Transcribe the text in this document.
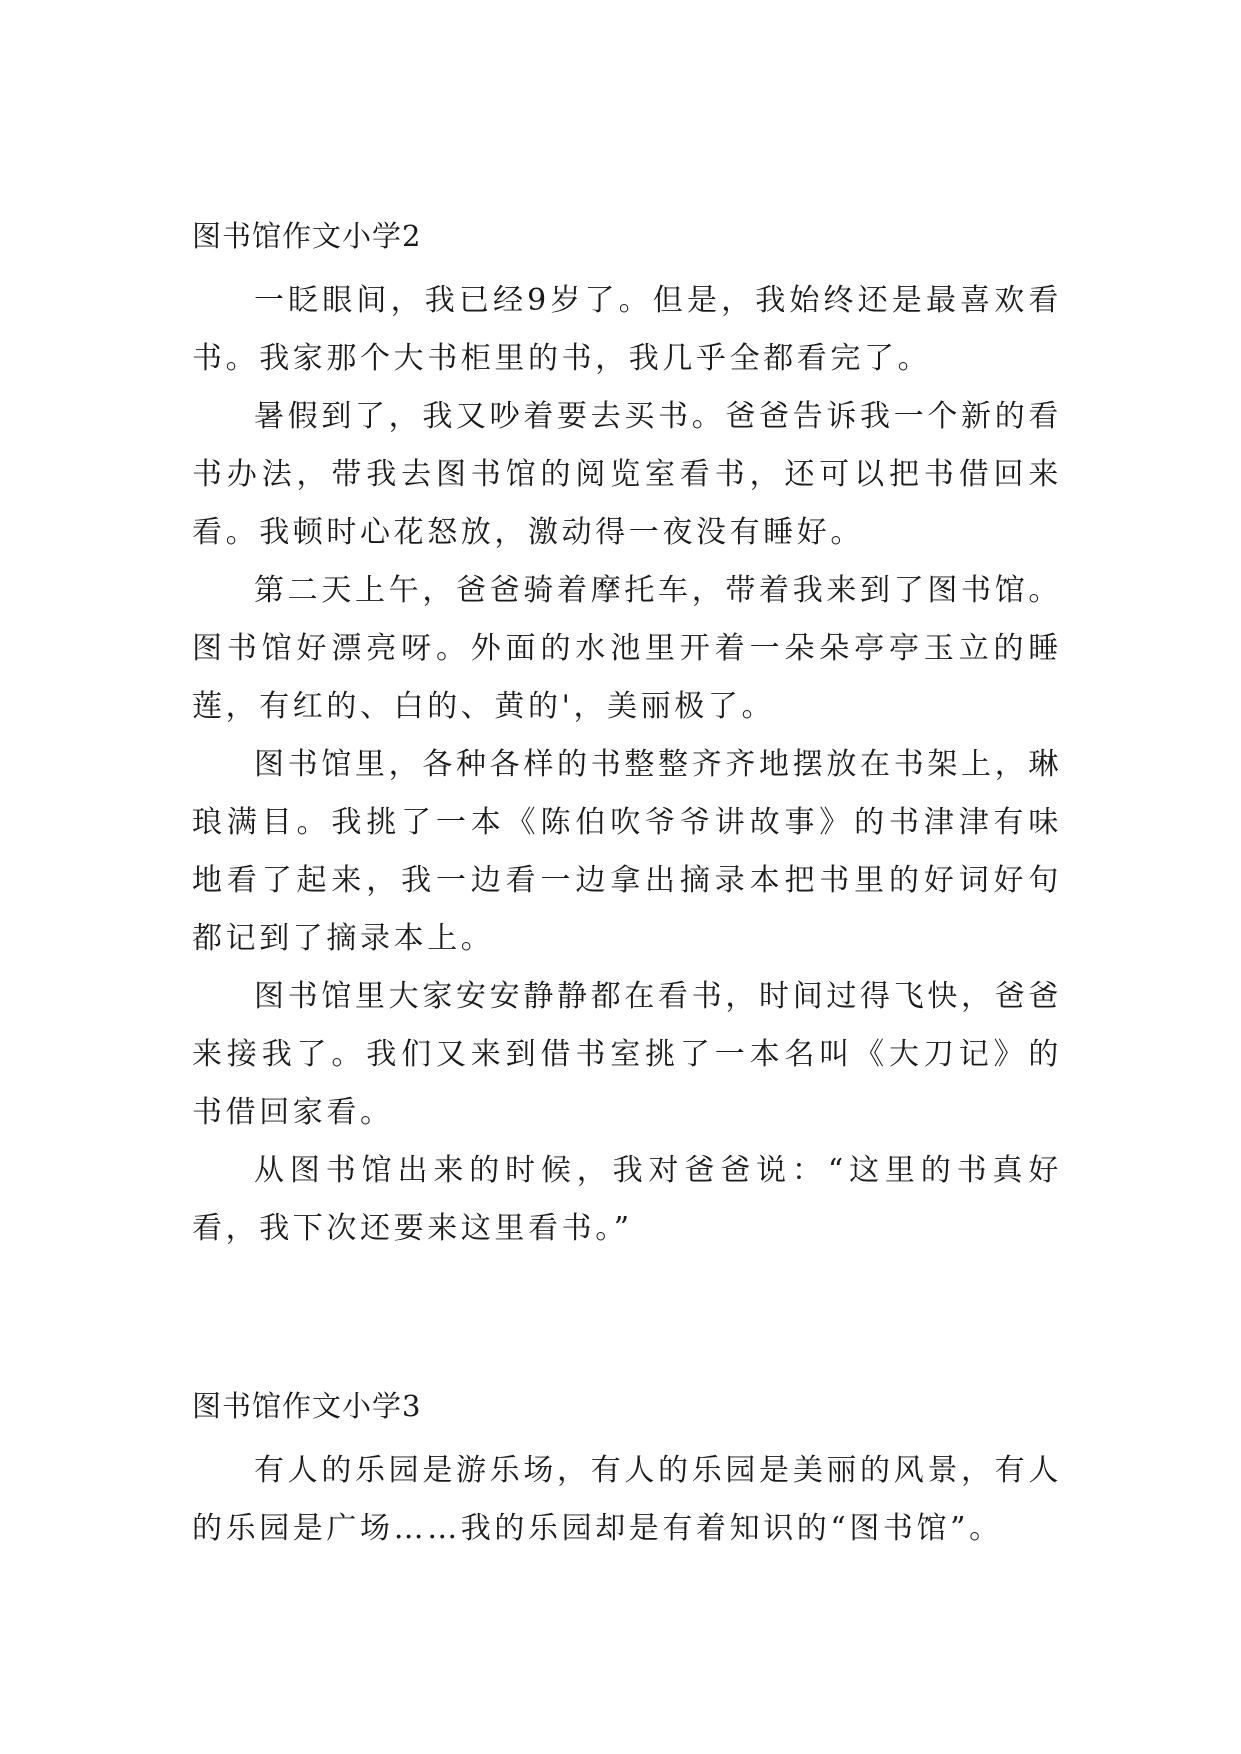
图书馆作文小学2

一眨眼间，我已经9岁了。但是，我始终还是最喜欢看书。我家那个大书柜里的书，我几乎全都看完了。

暑假到了，我又吵着要去买书。爸爸告诉我一个新的看书办法，带我去图书馆的阅览室看书，还可以把书借回来看。我顿时心花怒放，激动得一夜没有睡好。

第二天上午，爸爸骑着摩托车，带着我来到了图书馆。图书馆好漂亮呀。外面的水池里开着一朵朵亭亭玉立的睡莲，有红的、白的、黄的'，美丽极了。

图书馆里，各种各样的书整整齐齐地摆放在书架上，琳琅满目。我挑了一本《陈伯吹爷爷讲故事》的书津津有味地看了起来，我一边看一边拿出摘录本把书里的好词好句都记到了摘录本上。

图书馆里大家安安静静都在看书，时间过得飞快，爸爸来接我了。我们又来到借书室挑了一本名叫《大刀记》的书借回家看。

从图书馆出来的时候，我对爸爸说：“这里的书真好看，我下次还要来这里看书。”

图书馆作文小学3

有人的乐园是游乐场，有人的乐园是美丽的风景，有人的乐园是广场……我的乐园却是有着知识的“图书馆”。
